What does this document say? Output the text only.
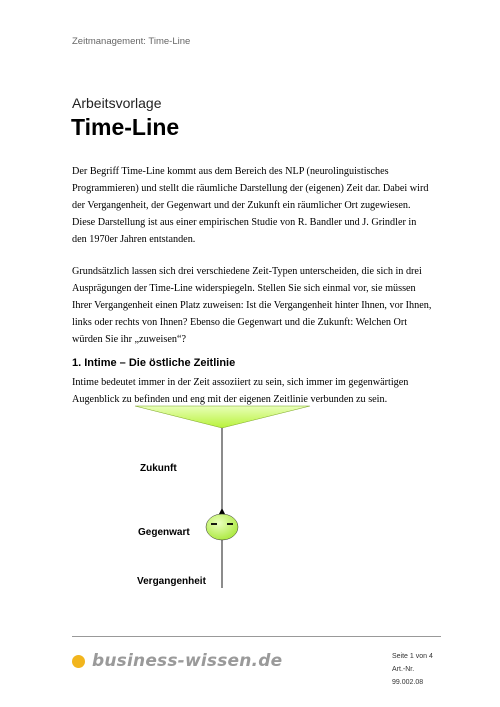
Zeitmanagement: Time-Line
Arbeitsvorlage
Time-Line

Der Begriff Time-Line kommt aus dem Bereich des NLP (neurolinguistisches Programmieren) und stellt die räumliche Darstellung der (eigenen) Zeit dar. Dabei wird der Vergangenheit, der Gegenwart und der Zukunft ein räumlicher Ort zugewiesen. Diese Darstellung ist aus einer empirischen Studie von R. Bandler und J. Grindler in den 1970er Jahren entstanden.

Grundsätzlich lassen sich drei verschiedene Zeit-Typen unterscheiden, die sich in drei Ausprägungen der Time-Line widerspiegeln. Stellen Sie sich einmal vor, sie müssen Ihrer Vergangenheit einen Platz zuweisen: Ist die Vergangenheit hinter Ihnen, vor Ihnen, links oder rechts von Ihnen? Ebenso die Gegenwart und die Zukunft: Welchen Ort würden Sie ihr „zuweisen“?

1. Intime – Die östliche Zeitlinie

Intime bedeutet immer in der Zeit assoziiert zu sein, sich immer im gegenwärtigen Augenblick zu befinden und eng mit der eigenen Zeitlinie verbunden zu sein.

Zukunft
Gegenwart
Vergangenheit
business-wissen.de	Seite 1 von 4
Art.-Nr. 99.002.08
